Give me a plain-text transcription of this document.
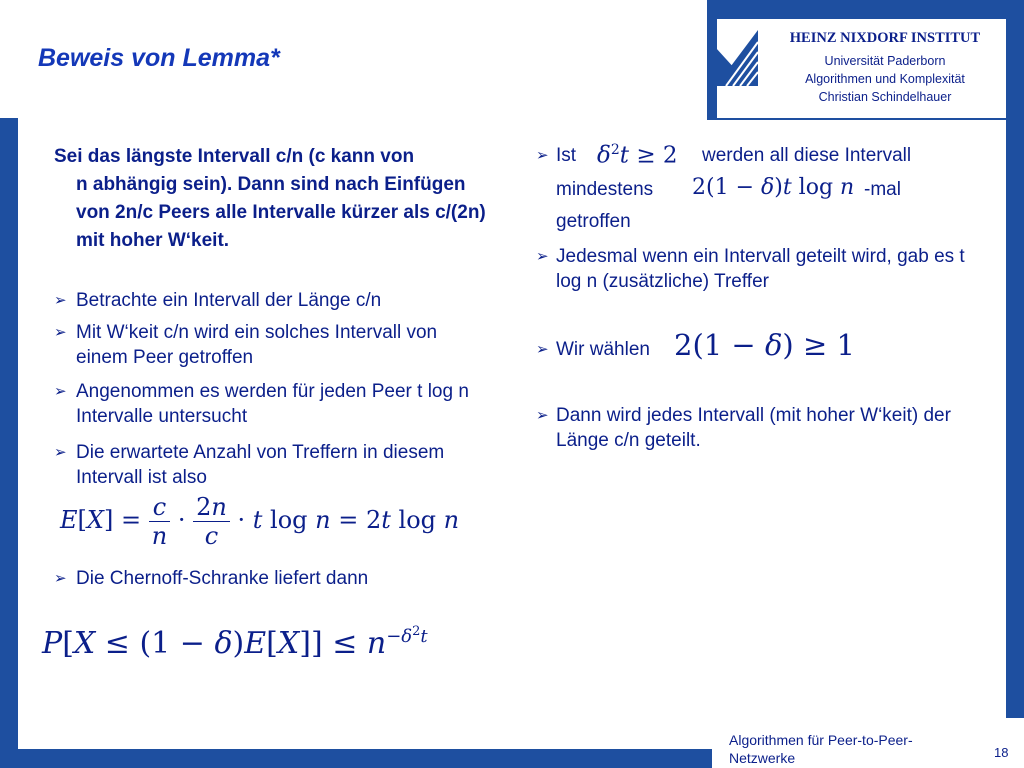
Beweis von Lemma*
HEINZ NIXDORF INSTITUT
Universität Paderborn
Algorithmen und Komplexität
Christian Schindelhauer
Sei das längste Intervall c/n (c kann von
n abhängig sein). Dann sind nach Einfügen von 2n/c Peers alle Intervalle kürzer als c/(2n) mit hoher W‘keit.
➢ Betrachte ein Intervall der Länge c/n
➢ Mit W‘keit c/n wird ein solches Intervall von einem Peer getroffen
➢ Angenommen es werden für jeden Peer t log n Intervalle untersucht
➢ Die erwartete Anzahl von Treffern in diesem Intervall ist also
$E[X] = \frac{c}{n} \cdot \frac{2n}{c} \cdot t$ log n = 2t log n
➢ Die Chernoff-Schranke liefert dann
$P[X \le (1 - \delta)E[X]] \le n^{-\delta^2t}$
➢ Ist $\delta^2t \ge 2$ werden all diese Intervall
mindestens 2(1 − δ)t log n -mal
getroffen
➢ Jedesmal wenn ein Intervall geteilt wird, gab es t log n (zusätzliche) Treffer
➢ Wir wählen 2(1 − δ) ≥ 1
➢ Dann wird jedes Intervall (mit hoher W‘keit) der Länge c/n geteilt.
Algorithmen für Peer-to-Peer-Netzwerke	18
